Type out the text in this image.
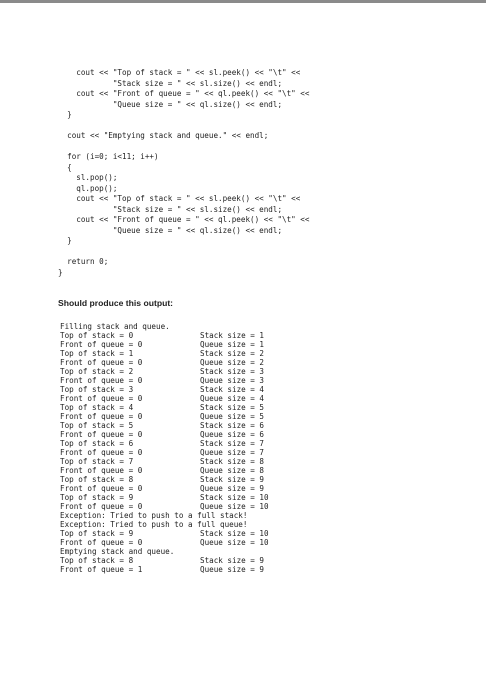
cout << "Top of stack = " << sl.peek() << "\t" <<
"Stack size = " << sl.size() << endl;
cout << "Front of queue = " << ql.peek() << "\t" <<
"Queue size = " << ql.size() << endl;
}

cout << "Emptying stack and queue." << endl;

for (i=0; i<11; i++)
{
sl.pop();
ql.pop();
cout << "Top of stack = " << sl.peek() << "\t" <<
"Stack size = " << sl.size() << endl;
cout << "Front of queue = " << ql.peek() << "\t" <<
"Queue size = " << ql.size() << endl;
}

return 0;
}

Should produce this output:
Filling stack and queue.
Top of stack = 0	Stack size = 1
Front of queue = 0	Queue size = 1
Top of stack = 1	Stack size = 2
Front of queue = 0	Queue size = 2
Top of stack = 2	Stack size = 3
Front of queue = 0	Queue size = 3
Top of stack = 3	Stack size = 4
Front of queue = 0	Queue size = 4
Top of stack = 4	Stack size = 5
Front of queue = 0	Queue size = 5
Top of stack = 5	Stack size = 6
Front of queue = 0	Queue size = 6
Top of stack = 6	Stack size = 7
Front of queue = 0	Queue size = 7
Top of stack = 7	Stack size = 8
Front of queue = 0	Queue size = 8
Top of stack = 8	Stack size = 9
Front of queue = 0	Queue size = 9
Top of stack = 9	Stack size = 10
Front of queue = 0	Queue size = 10
Exception: Tried to push to a full stack!
Exception: Tried to push to a full queue!
Top of stack = 9	Stack size = 10
Front of queue = 0	Queue size = 10
Emptying stack and queue.
Top of stack = 8	Stack size = 9
Front of queue = 1	Queue size = 9
